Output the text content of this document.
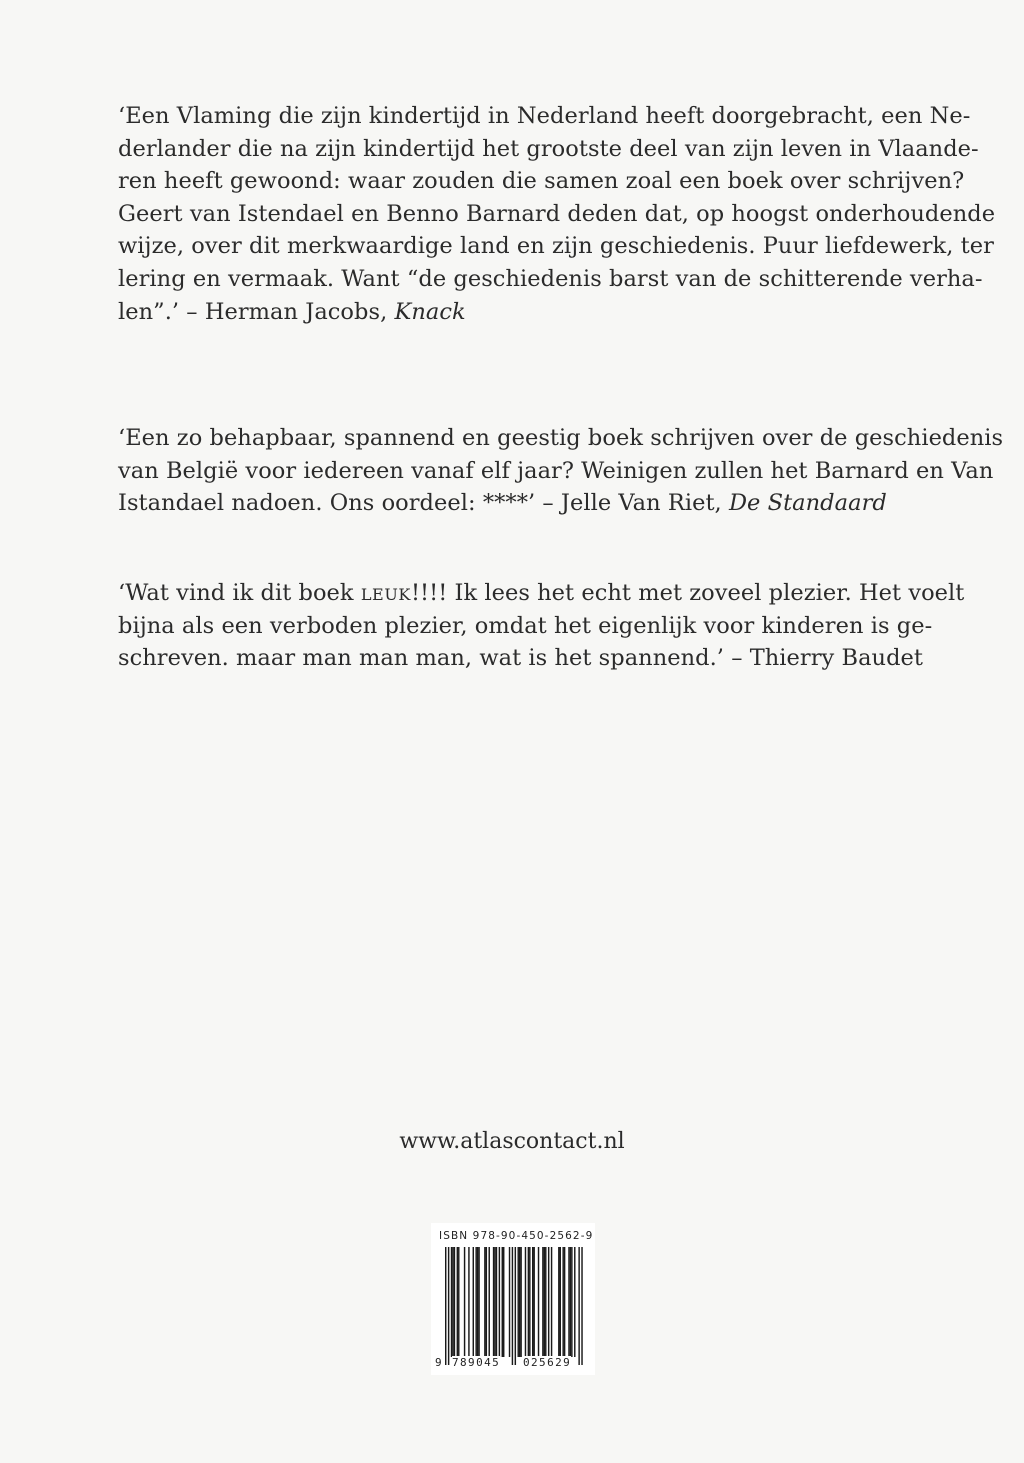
‘Een Vlaming die zijn kindertijd in Nederland heeft doorgebracht, een Ne-
derlander die na zijn kindertijd het grootste deel van zijn leven in Vlaande-
ren heeft gewoond: waar zouden die samen zoal een boek over schrijven?
Geert van Istendael en Benno Barnard deden dat, op hoogst onderhoudende
wijze, over dit merkwaardige land en zijn geschiedenis. Puur liefdewerk, ter
lering en vermaak. Want “de geschiedenis barst van de schitterende verha-
len”.’ – Herman Jacobs, Knack
‘Een zo behapbaar, spannend en geestig boek schrijven over de geschiedenis
van België voor iedereen vanaf elf jaar? Weinigen zullen het Barnard en Van
Istandael nadoen. Ons oordeel: ****’ – Jelle Van Riet, De Standaard
‘Wat vind ik dit boek leuk!!!! Ik lees het echt met zoveel plezier. Het voelt
bijna als een verboden plezier, omdat het eigenlijk voor kinderen is ge-
schreven. maar man man man, wat is het spannend.’ – Thierry Baudet
www.atlascontact.nl
ISBN 978-90-450-2562-9
9 789045 025629
